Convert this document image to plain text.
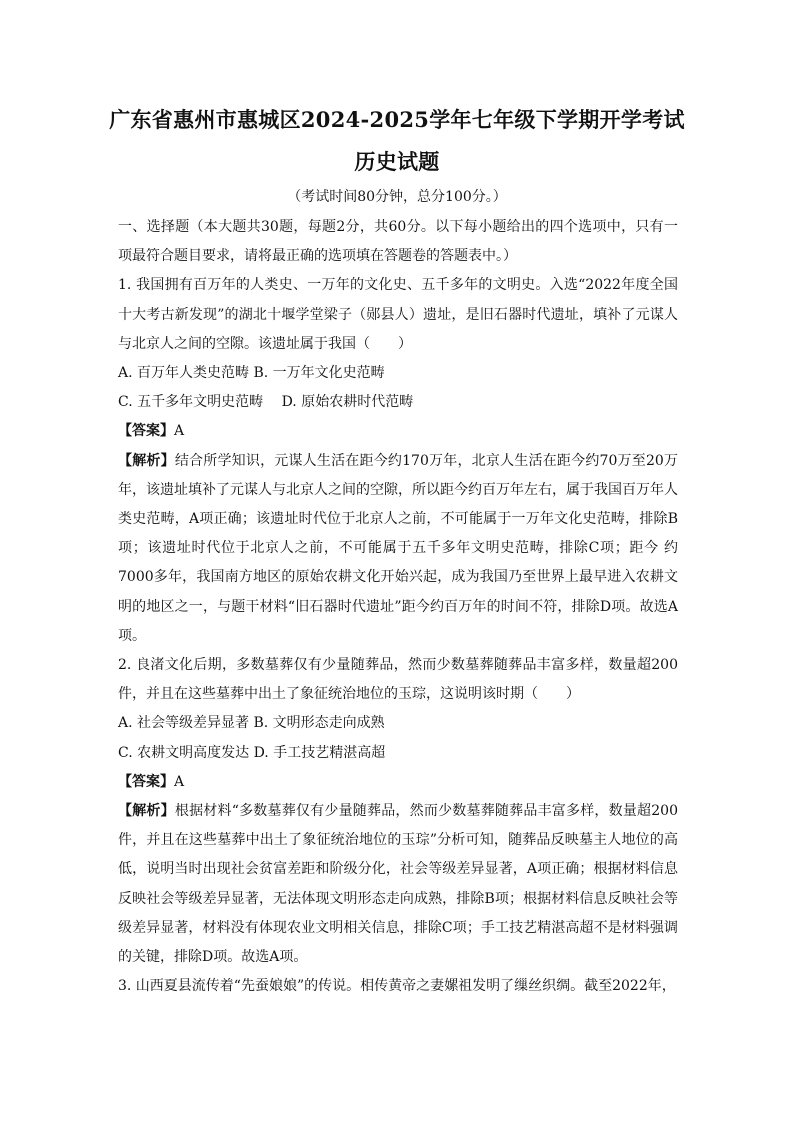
广东省惠州市惠城区2024-2025学年七年级下学期开学考试
历史试题
（考试时间80分钟，总分100分。）

一、选择题（本大题共30题，每题2分，共60分。以下每小题给出的四个选项中，只有一项最符合题目要求，请将最正确的选项填在答题卷的答题表中。）

1. 我国拥有百万年的人类史、一万年的文化史、五千多年的文明史。入选“2022年度全国十大考古新发现”的湖北十堰学堂梁子（郧县人）遗址，是旧石器时代遗址，填补了元谋人与北京人之间的空隙。该遗址属于我国（　　）

A. 百万年人类史范畴 B. 一万年文化史范畴

C. 五千多年文明史范畴　 D. 原始农耕时代范畴

【答案】A

【解析】结合所学知识，元谋人生活在距今约170万年，北京人生活在距今约70万至20万年，该遗址填补了元谋人与北京人之间的空隙，所以距今约百万年左右，属于我国百万年人类史范畴，A项正确；该遗址时代位于北京人之前，不可能属于一万年文化史范畴，排除B项；该遗址时代位于北京人之前，不可能属于五千多年文明史范畴，排除C项；距今 约7000多年，我国南方地区的原始农耕文化开始兴起，成为我国乃至世界上最早进入农耕文明的地区之一，与题干材料“旧石器时代遗址”距今约百万年的时间不符，排除D项。故选A项。

2. 良渚文化后期，多数墓葬仅有少量随葬品，然而少数墓葬随葬品丰富多样，数量超200件，并且在这些墓葬中出土了象征统治地位的玉琮，这说明该时期（　　）

A. 社会等级差异显著 B. 文明形态走向成熟

C. 农耕文明高度发达 D. 手工技艺精湛高超

【答案】A

【解析】根据材料“多数墓葬仅有少量随葬品，然而少数墓葬随葬品丰富多样，数量超200件，并且在这些墓葬中出土了象征统治地位的玉琮”分析可知，随葬品反映墓主人地位的高低，说明当时出现社会贫富差距和阶级分化，社会等级差异显著，A项正确；根据材料信息反映社会等级差异显著，无法体现文明形态走向成熟，排除B项；根据材料信息反映社会等级差异显著，材料没有体现农业文明相关信息，排除C项；手工技艺精湛高超不是材料强调的关键，排除D项。故选A项。

3. 山西夏县流传着“先蚕娘娘”的传说。相传黄帝之妻嫘祖发明了缫丝织绸。截至2022年，
